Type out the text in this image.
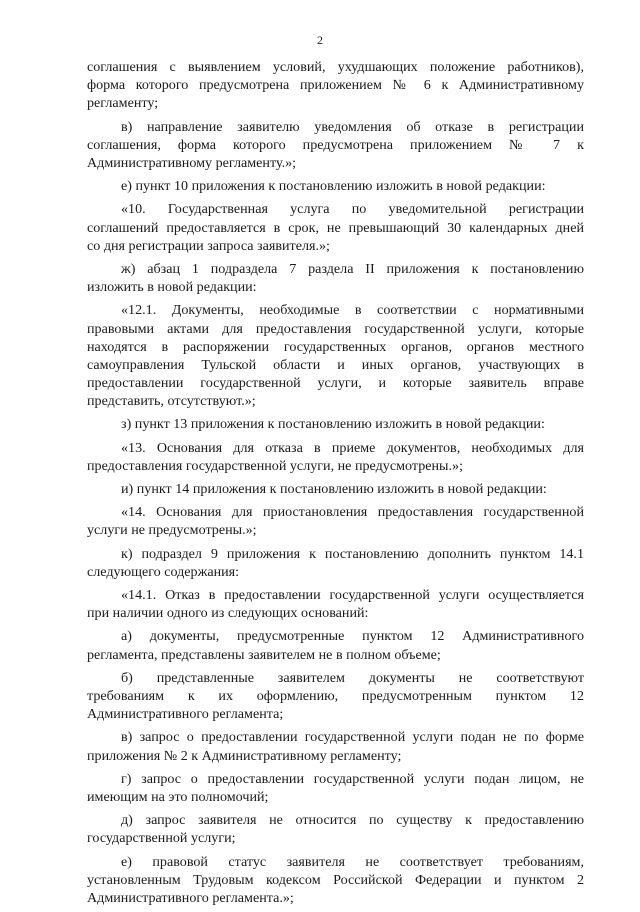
2
соглашения с выявлением условий, ухудшающих положение работников),
форма которого предусмотрена приложением № 6 к Административному
регламенту;
в) направление заявителю уведомления об отказе в регистрации
соглашения, форма которого предусмотрена приложением № 7 к
Административному регламенту.»;
е) пункт 10 приложения к постановлению изложить в новой редакции:
«10. Государственная услуга по уведомительной регистрации
соглашений предоставляется в срок, не превышающий 30 календарных дней
со дня регистрации запроса заявителя.»;
ж) абзац 1 подраздела 7 раздела II приложения к постановлению
изложить в новой редакции:
«12.1. Документы, необходимые в соответствии с нормативными
правовыми актами для предоставления государственной услуги, которые
находятся в распоряжении государственных органов, органов местного
самоуправления Тульской области и иных органов, участвующих в
предоставлении государственной услуги, и которые заявитель вправе
представить, отсутствуют.»;
з) пункт 13 приложения к постановлению изложить в новой редакции:
«13. Основания для отказа в приеме документов, необходимых для
предоставления государственной услуги, не предусмотрены.»;
и) пункт 14 приложения к постановлению изложить в новой редакции:
«14. Основания для приостановления предоставления государственной
услуги не предусмотрены.»;
к) подраздел 9 приложения к постановлению дополнить пунктом 14.1
следующего содержания:
«14.1. Отказ в предоставлении государственной услуги осуществляется
при наличии одного из следующих оснований:
а) документы, предусмотренные пунктом 12 Административного
регламента, представлены заявителем не в полном объеме;
б) представленные заявителем документы не соответствуют
требованиям к их оформлению, предусмотренным пунктом 12
Административного регламента;
в) запрос о предоставлении государственной услуги подан не по форме
приложения № 2 к Административному регламенту;
г) запрос о предоставлении государственной услуги подан лицом, не
имеющим на это полномочий;
д) запрос заявителя не относится по существу к предоставлению
государственной услуги;
е) правовой статус заявителя не соответствует требованиям,
установленным Трудовым кодексом Российской Федерации и пунктом 2
Административного регламента.»;
